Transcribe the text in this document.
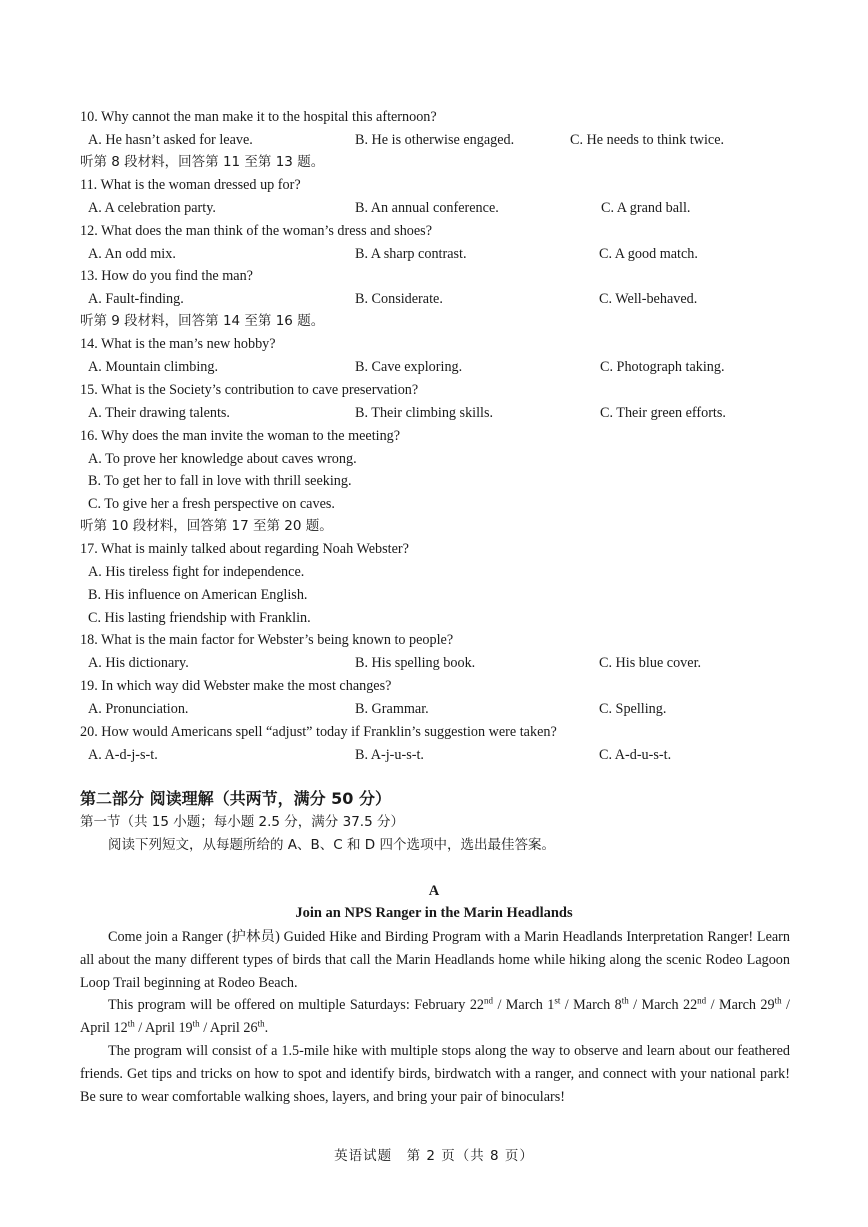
10. Why cannot the man make it to the hospital this afternoon?
A. He hasn’t asked for leave.	B. He is otherwise engaged.	C. He needs to think twice.
听第 8 段材料，回答第 11 至第 13 题。
11. What is the woman dressed up for?
A. A celebration party.	B. An annual conference.	C. A grand ball.
12. What does the man think of the woman’s dress and shoes?
A. An odd mix.	B. A sharp contrast.	C. A good match.
13. How do you find the man?
A. Fault-finding.	B. Considerate.	C. Well-behaved.
听第 9 段材料，回答第 14 至第 16 题。
14. What is the man’s new hobby?
A. Mountain climbing.	B. Cave exploring.	C. Photograph taking.
15. What is the Society’s contribution to cave preservation?
A. Their drawing talents.	B. Their climbing skills.	C. Their green efforts.
16. Why does the man invite the woman to the meeting?
A. To prove her knowledge about caves wrong.
B. To get her to fall in love with thrill seeking.
C. To give her a fresh perspective on caves.
听第 10 段材料，回答第 17 至第 20 题。
17. What is mainly talked about regarding Noah Webster?
A. His tireless fight for independence.
B. His influence on American English.
C. His lasting friendship with Franklin.
18. What is the main factor for Webster’s being known to people?
A. His dictionary.	B. His spelling book.	C. His blue cover.
19. In which way did Webster make the most changes?
A. Pronunciation.	B. Grammar.	C. Spelling.
20. How would Americans spell “adjust” today if Franklin’s suggestion were taken?
A. A-d-j-s-t.	B. A-j-u-s-t.	C. A-d-u-s-t.
第二部分 阅读理解（共两节，满分 50 分）
第一节（共 15 小题；每小题 2.5 分，满分 37.5 分）
阅读下列短文，从每题所给的 A、B、C 和 D 四个选项中，选出最佳答案。
A
Join an NPS Ranger in the Marin Headlands
Come join a Ranger (护林员) Guided Hike and Birding Program with a Marin Headlands Interpretation Ranger! Learn all about the many different types of birds that call the Marin Headlands home while hiking along the scenic Rodeo Lagoon Loop Trail beginning at Rodeo Beach.
This program will be offered on multiple Saturdays: February 22nd / March 1st / March 8th / March 22nd / March 29th / April 12th / April 19th / April 26th.
The program will consist of a 1.5-mile hike with multiple stops along the way to observe and learn about our feathered friends. Get tips and tricks on how to spot and identify birds, birdwatch with a ranger, and connect with your national park! Be sure to wear comfortable walking shoes, layers, and bring your pair of binoculars!
英语试题　第 2 页（共 8 页）
